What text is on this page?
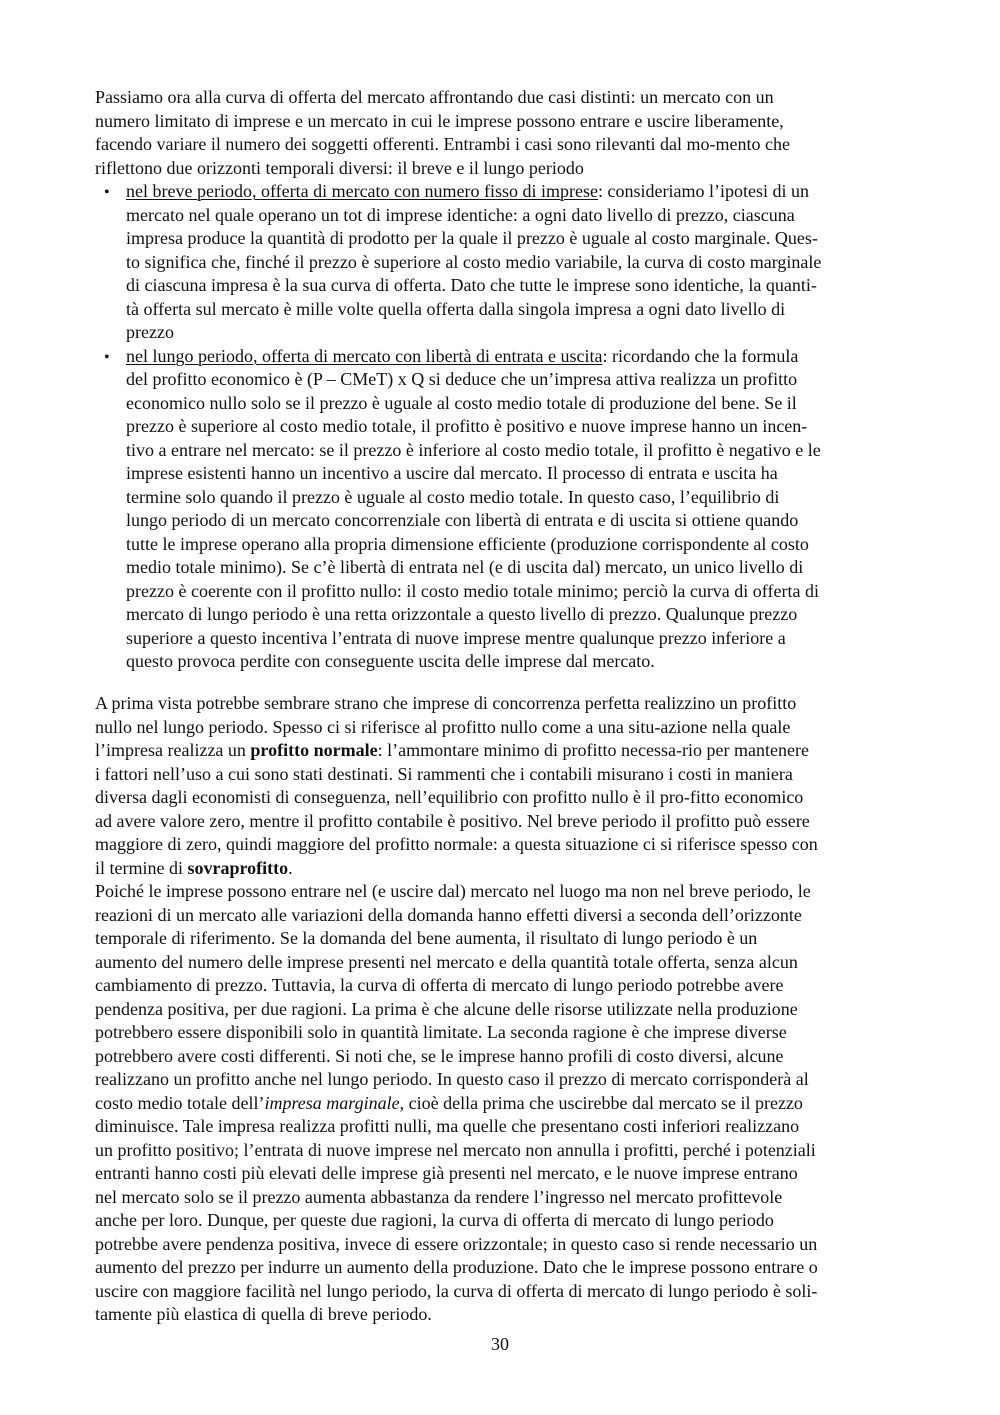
Passiamo ora alla curva di offerta del mercato affrontando due casi distinti: un mercato con un
numero limitato di imprese e un mercato in cui le imprese possono entrare e uscire liberamente,
facendo variare il numero dei soggetti offerenti. Entrambi i casi sono rilevanti dal mo-mento che
riflettono due orizzonti temporali diversi: il breve e il lungo periodo
• nel breve periodo, offerta di mercato con numero fisso di imprese: consideriamo l’ipotesi di un
mercato nel quale operano un tot di imprese identiche: a ogni dato livello di prezzo, ciascuna
impresa produce la quantità di prodotto per la quale il prezzo è uguale al costo marginale. Ques-
to significa che, finché il prezzo è superiore al costo medio variabile, la curva di costo marginale
di ciascuna impresa è la sua curva di offerta. Dato che tutte le imprese sono identiche, la quanti-
tà offerta sul mercato è mille volte quella offerta dalla singola impresa a ogni dato livello di
prezzo
• nel lungo periodo, offerta di mercato con libertà di entrata e uscita: ricordando che la formula
del profitto economico è (P – CMeT) x Q si deduce che un’impresa attiva realizza un profitto
economico nullo solo se il prezzo è uguale al costo medio totale di produzione del bene. Se il
prezzo è superiore al costo medio totale, il profitto è positivo e nuove imprese hanno un incen-
tivo a entrare nel mercato: se il prezzo è inferiore al costo medio totale, il profitto è negativo e le
imprese esistenti hanno un incentivo a uscire dal mercato. Il processo di entrata e uscita ha
termine solo quando il prezzo è uguale al costo medio totale. In questo caso, l’equilibrio di
lungo periodo di un mercato concorrenziale con libertà di entrata e di uscita si ottiene quando
tutte le imprese operano alla propria dimensione efficiente (produzione corrispondente al costo
medio totale minimo). Se c’è libertà di entrata nel (e di uscita dal) mercato, un unico livello di
prezzo è coerente con il profitto nullo: il costo medio totale minimo; perciò la curva di offerta di
mercato di lungo periodo è una retta orizzontale a questo livello di prezzo. Qualunque prezzo
superiore a questo incentiva l’entrata di nuove imprese mentre qualunque prezzo inferiore a
questo provoca perdite con conseguente uscita delle imprese dal mercato.
A prima vista potrebbe sembrare strano che imprese di concorrenza perfetta realizzino un profitto
nullo nel lungo periodo. Spesso ci si riferisce al profitto nullo come a una situ-azione nella quale
l’impresa realizza un profitto normale: l’ammontare minimo di profitto necessa-rio per mantenere
i fattori nell’uso a cui sono stati destinati. Si rammenti che i contabili misurano i costi in maniera
diversa dagli economisti di conseguenza, nell’equilibrio con profitto nullo è il pro-fitto economico
ad avere valore zero, mentre il profitto contabile è positivo. Nel breve periodo il profitto può essere
maggiore di zero, quindi maggiore del profitto normale: a questa situazione ci si riferisce spesso con
il termine di sovraprofitto.
Poiché le imprese possono entrare nel (e uscire dal) mercato nel luogo ma non nel breve periodo, le
reazioni di un mercato alle variazioni della domanda hanno effetti diversi a seconda dell’orizzonte
temporale di riferimento. Se la domanda del bene aumenta, il risultato di lungo periodo è un
aumento del numero delle imprese presenti nel mercato e della quantità totale offerta, senza alcun
cambiamento di prezzo. Tuttavia, la curva di offerta di mercato di lungo periodo potrebbe avere
pendenza positiva, per due ragioni. La prima è che alcune delle risorse utilizzate nella produzione
potrebbero essere disponibili solo in quantità limitate. La seconda ragione è che imprese diverse
potrebbero avere costi differenti. Si noti che, se le imprese hanno profili di costo diversi, alcune
realizzano un profitto anche nel lungo periodo. In questo caso il prezzo di mercato corrisponderà al
costo medio totale dell’impresa marginale, cioè della prima che uscirebbe dal mercato se il prezzo
diminuisce. Tale impresa realizza profitti nulli, ma quelle che presentano costi inferiori realizzano
un profitto positivo; l’entrata di nuove imprese nel mercato non annulla i profitti, perché i potenziali
entranti hanno costi più elevati delle imprese già presenti nel mercato, e le nuove imprese entrano
nel mercato solo se il prezzo aumenta abbastanza da rendere l’ingresso nel mercato profittevole
anche per loro. Dunque, per queste due ragioni, la curva di offerta di mercato di lungo periodo
potrebbe avere pendenza positiva, invece di essere orizzontale; in questo caso si rende necessario un
aumento del prezzo per indurre un aumento della produzione. Dato che le imprese possono entrare o
uscire con maggiore facilità nel lungo periodo, la curva di offerta di mercato di lungo periodo è soli-
tamente più elastica di quella di breve periodo.
30
